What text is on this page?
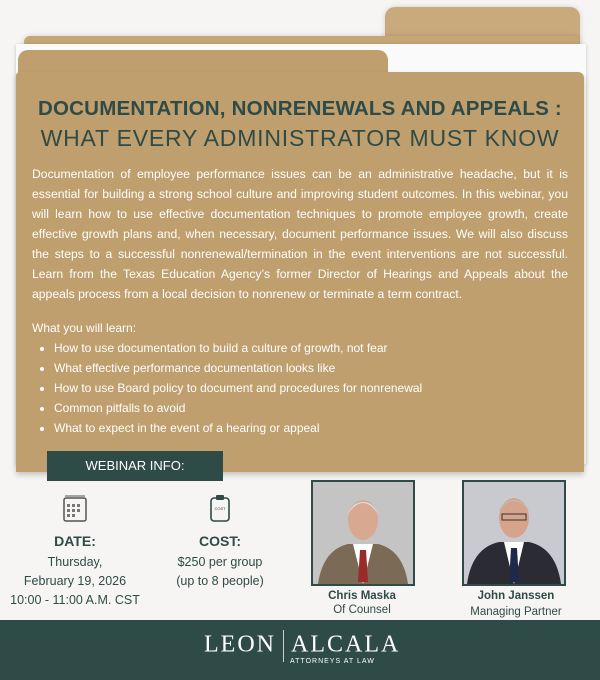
DOCUMENTATION, NONRENEWALS AND APPEALS :
WHAT EVERY ADMINISTRATOR MUST KNOW
Documentation of employee performance issues can be an administrative headache, but it is essential for building a strong school culture and improving student outcomes. In this webinar, you will learn how to use effective documentation techniques to promote employee growth, create effective growth plans and, when necessary, document performance issues. We will also discuss the steps to a successful nonrenewal/termination in the event interventions are not successful. Learn from the Texas Education Agency’s former Director of Hearings and Appeals about the appeals process from a local decision to nonrenew or terminate a term contract.
What you will learn:
• How to use documentation to build a culture of growth, not fear
• What effective performance documentation looks like
• How to use Board policy to document and procedures for nonrenewal
• Common pitfalls to avoid
• What to expect in the event of a hearing or appeal
WEBINAR INFO:
DATE:
Thursday,
February 19, 2026
10:00 - 11:00 A.M. CST
COST
COST:
$250 per group
(up to 8 people)
Chris Maska
Of Counsel
John Janssen
Managing Partner
LEON ALCALA
ATTORNEYS AT LAW
